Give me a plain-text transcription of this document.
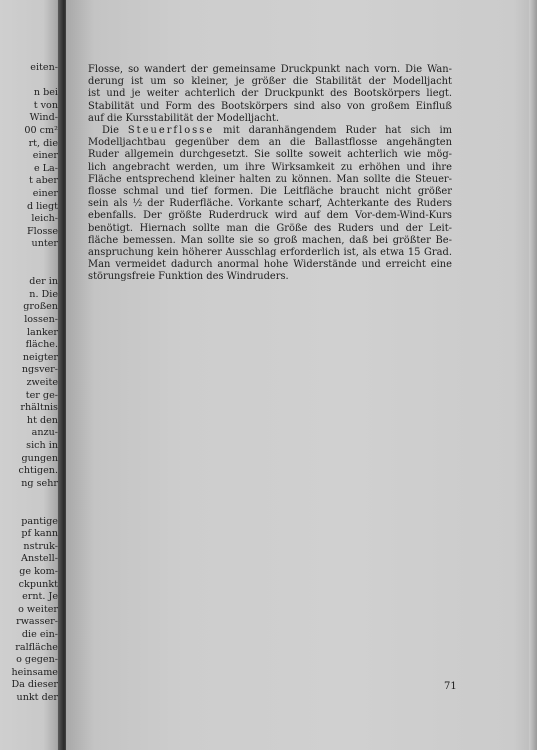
eiten-
n bei
t von
Wind-
00 cm²
rt, die
einer
e La-
t aber
einer
d liegt
leich-
Flosse
unter
der in
n. Die
großen
lossen-
lanker
fläche.
neigter
ngsver-
zweite
ter ge-
rhältnis
ht den
anzu-
sich in
gungen
chtigen.
ng sehr
pantige
pf kann
nstruk-
Anstell-
ge kom-
ckpunkt
ernt. Je
o weiter
rwasser-
die ein-
ralfläche
o gegen-
heinsame
Da dieser
unkt der

Flosse, so wandert der gemeinsame Druckpunkt nach vorn. Die Wan-
derung ist um so kleiner, je größer die Stabilität der Modelljacht
ist und je weiter achterlich der Druckpunkt des Bootskörpers liegt.
Stabilität und Form des Bootskörpers sind also von großem Einfluß
auf die Kursstabilität der Modelljacht.

Die Steuerflosse mit daranhängendem Ruder hat sich im
Modelljachtbau gegenüber dem an die Ballastflosse angehängten
Ruder allgemein durchgesetzt. Sie sollte soweit achterlich wie mög-
lich angebracht werden, um ihre Wirksamkeit zu erhöhen und ihre
Fläche entsprechend kleiner halten zu können. Man sollte die Steuer-
flosse schmal und tief formen. Die Leitfläche braucht nicht größer
sein als ½ der Ruderfläche. Vorkante scharf, Achterkante des Ruders
ebenfalls. Der größte Ruderdruck wird auf dem Vor-dem-Wind-Kurs
benötigt. Hiernach sollte man die Größe des Ruders und der Leit-
fläche bemessen. Man sollte sie so groß machen, daß bei größter Be-
anspruchung kein höherer Ausschlag erforderlich ist, als etwa 15 Grad.
Man vermeidet dadurch anormal hohe Widerstände und erreicht eine
störungsfreie Funktion des Windruders.

71
